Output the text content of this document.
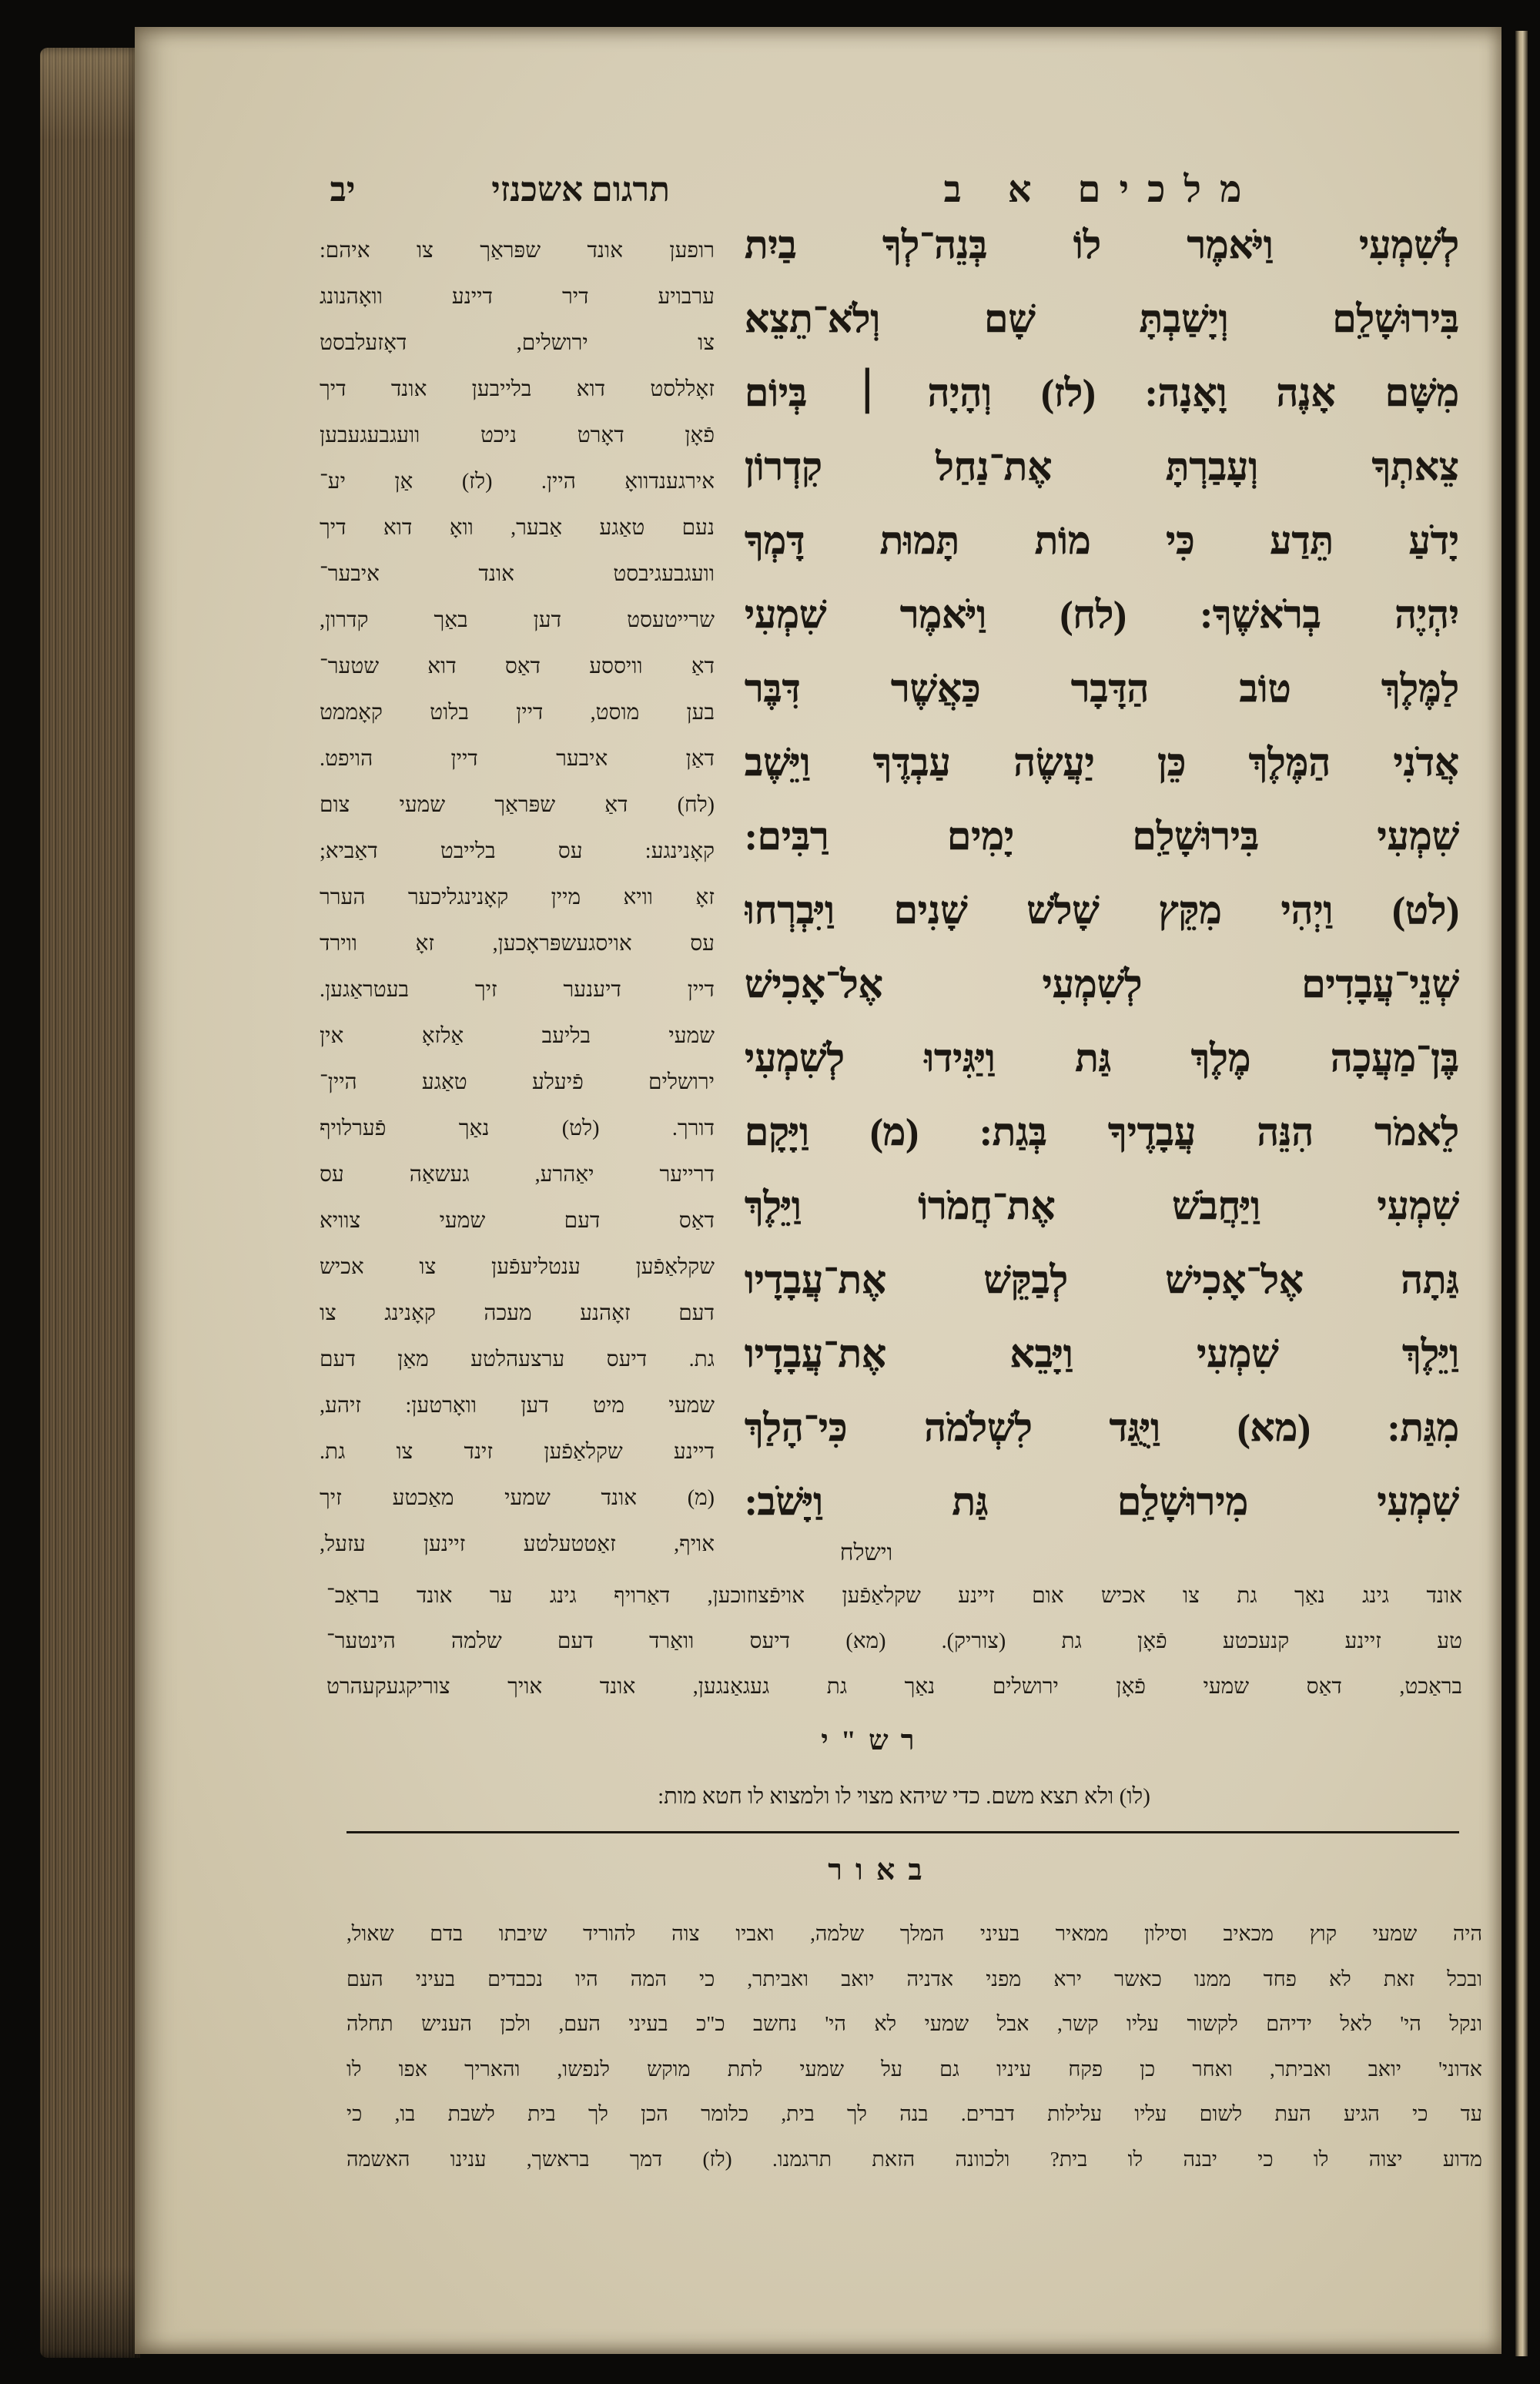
מלכים א ב
תרגום אשכנזי
יב
לְשִׁמְעִי וַיֹּאמֶר לוֹ בְּנֵה־לְךָ בַיִת
בִּירוּשָׁלִַם וְיָשַׁבְתָּ שָׁם וְלֹא־תֵצֵא
מִשָּׁם אָנֶה וָאָנָה: (לז) וְהָיָה ׀ בְּיוֹם
צֵאתְךָ וְעָבַרְתָּ אֶת־נַחַל קִדְרוֹן
יָדֹעַ תֵּדַע כִּי מוֹת תָּמוּת דָּמְךָ
יִהְיֶה בְרֹאשֶׁךָ: (לח) וַיֹּאמֶר שִׁמְעִי
לַמֶּלֶךְ טוֹב הַדָּבָר כַּאֲשֶׁר דִּבֶּר
אֲדֹנִי הַמֶּלֶךְ כֵּן יַעֲשֶׂה עַבְדֶּךָ וַיֵּשֶׁב
שִׁמְעִי בִּירוּשָׁלִַם יָמִים רַבִּים:
(לט) וַיְהִי מִקֵּץ שָׁלֹשׁ שָׁנִים וַיִּבְרְחוּ
שְׁנֵי־עֲבָדִים לְשִׁמְעִי אֶל־אָכִישׁ
בֶּן־מַעֲכָה מֶלֶךְ גַּת וַיַּגִּידוּ לְשִׁמְעִי
לֵאמֹר הִנֵּה עֲבָדֶיךָ בְּגַת: (מ) וַיָּקָם
שִׁמְעִי וַיַּחֲבֹשׁ אֶת־חֲמֹרוֹ וַיֵּלֶךְ
גַּתָה אֶל־אָכִישׁ לְבַקֵּשׁ אֶת־עֲבָדָיו
וַיֵּלֶךְ שִׁמְעִי וַיָּבֵא אֶת־עֲבָדָיו
מִגַּת: (מא) וַיֻּגַּד לִשְׁלֹמֹה כִּי־הָלַךְ
שִׁמְעִי מִירוּשָׁלִַם גַּת וַיָּשֹׁב:
וישלח
רופען אונד שפּראַך צו איהם:
ערבויע דיר דיינע וואָהנונג
צו ירושלים, דאָזעלבסט
זאָללסט דוא בלייבען אונד דיך
פֿאָן דאָרט ניכט וועגבעגעבען
אירגענדוואָ היין. (לז) אַן יע־
נעם טאַגע אַבער, וואָ דוא דיך
וועגבעגיבסט אונד איבער־
שרייטעסט דען באַך קדרון,
דאַ וויססע דאַס דוא שטער־
בען מוסט, דיין בלוט קאָממט
דאַן איבער דיין הויפט.
(לח) דאַ שפּראַך שמעי צום
קאָנינגע: עס בלייבט דאַביא;
זאָ וויא מיין קאָנינגליכער הערר
עס אויסגעשפּראָכען, זאָ ווירד
דיין דיענער זיך בעטראַגען.
שמעי בליעב אַלזאָ אין
ירושלים פֿיעלע טאַגע היין־
דורך. (לט) נאַך פֿערלויף
דרייער יאַהרע, געשאַה עס
דאַס דעם שמעי צוויא
שקלאַפֿען ענטליעפֿען צו אכיש
דעם זאָהנע מעכה קאָנינג צו
גת. דיעס ערצעהלטע מאַן דעם
שמעי מיט דען וואָרטען: זיהע,
דיינע שקלאַפֿען זינד צו גת.
(מ) אונד שמעי מאַכטע זיך
אויף, זאַטטעלטע זיינען עזעל,
אונד גינג נאַך גת צו אכיש אום זיינע שקלאַפֿען אויפֿצוזוכען, דאַרויף גינג ער אונד בראַכ־
טע זיינע קנעכטע פֿאָן גת (צוריק). (מא) דיעס וואַרד דעם שלמה הינטער־
בראַכט, דאַס שמעי פֿאָן ירושלים נאַך גת געגאַנגען, אונד אויך צוריקגעקעהרט
רש"י
(לו) ולא תצא משם. כדי שיהא מצוי לו ולמצוא לו חטא מות:
באור
היה שמעי קוץ מכאיב וסילון ממאיר בעיני המלך שלמה, ואביו צוה להוריד שיבתו בדם שאול,
ובכל זאת לא פחד ממנו כאשר ירא מפני אדניה יואב ואביתר, כי המה היו נכבדים בעיני העם
ונקל הי' לאל ידיהם לקשור עליו קשר, אבל שמעי לא הי' נחשב כ"כ בעיני העם, ולכן העניש תחלה
אדוני' יואב ואביתר, ואחר כן פקח עיניו גם על שמעי לתת מוקש לנפשו, והאריך אפו לו
עד כי הגיע העת לשום עליו עלילות דברים. בנה לך בית, כלומר הכן לך בית לשבת בו, כי
מדוע יצוה לו כי יבנה לו בית? ולכוונה הזאת תרגמנו. (לז) דמך בראשך, ענינו האשמה
